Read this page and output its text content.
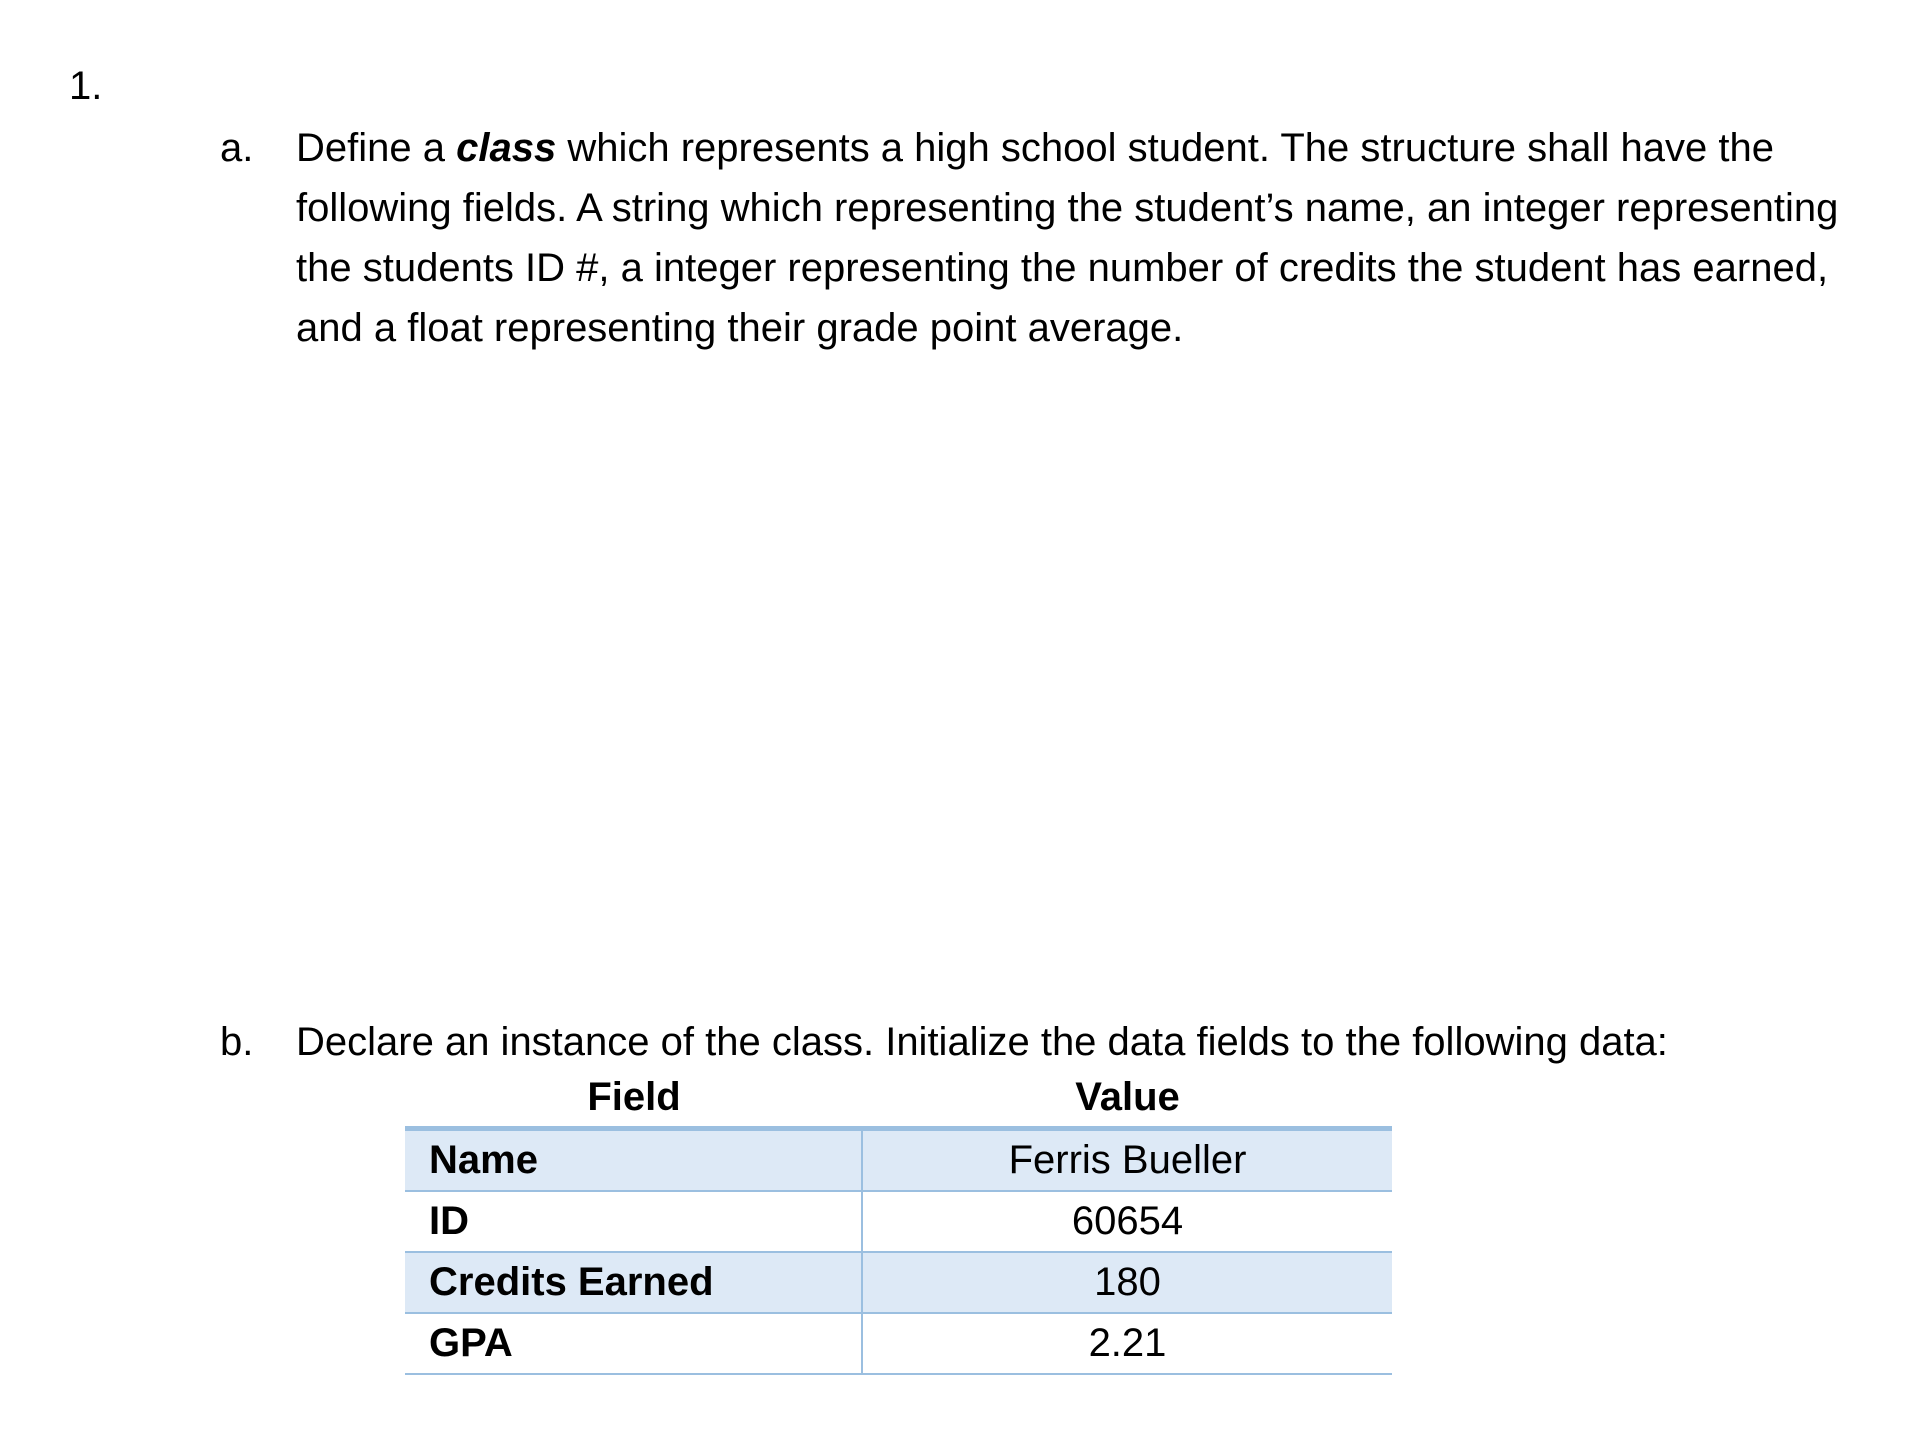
1.
a. Define a class which represents a high school student. The structure shall have the following fields. A string which representing the student’s name, an integer representing the students ID #, a integer representing the number of credits the student has earned, and a float representing their grade point average.
b. Declare an instance of the class. Initialize the data fields to the following data:
Field	Value
Name	Ferris Bueller
ID	60654
Credits Earned	180
GPA	2.21
